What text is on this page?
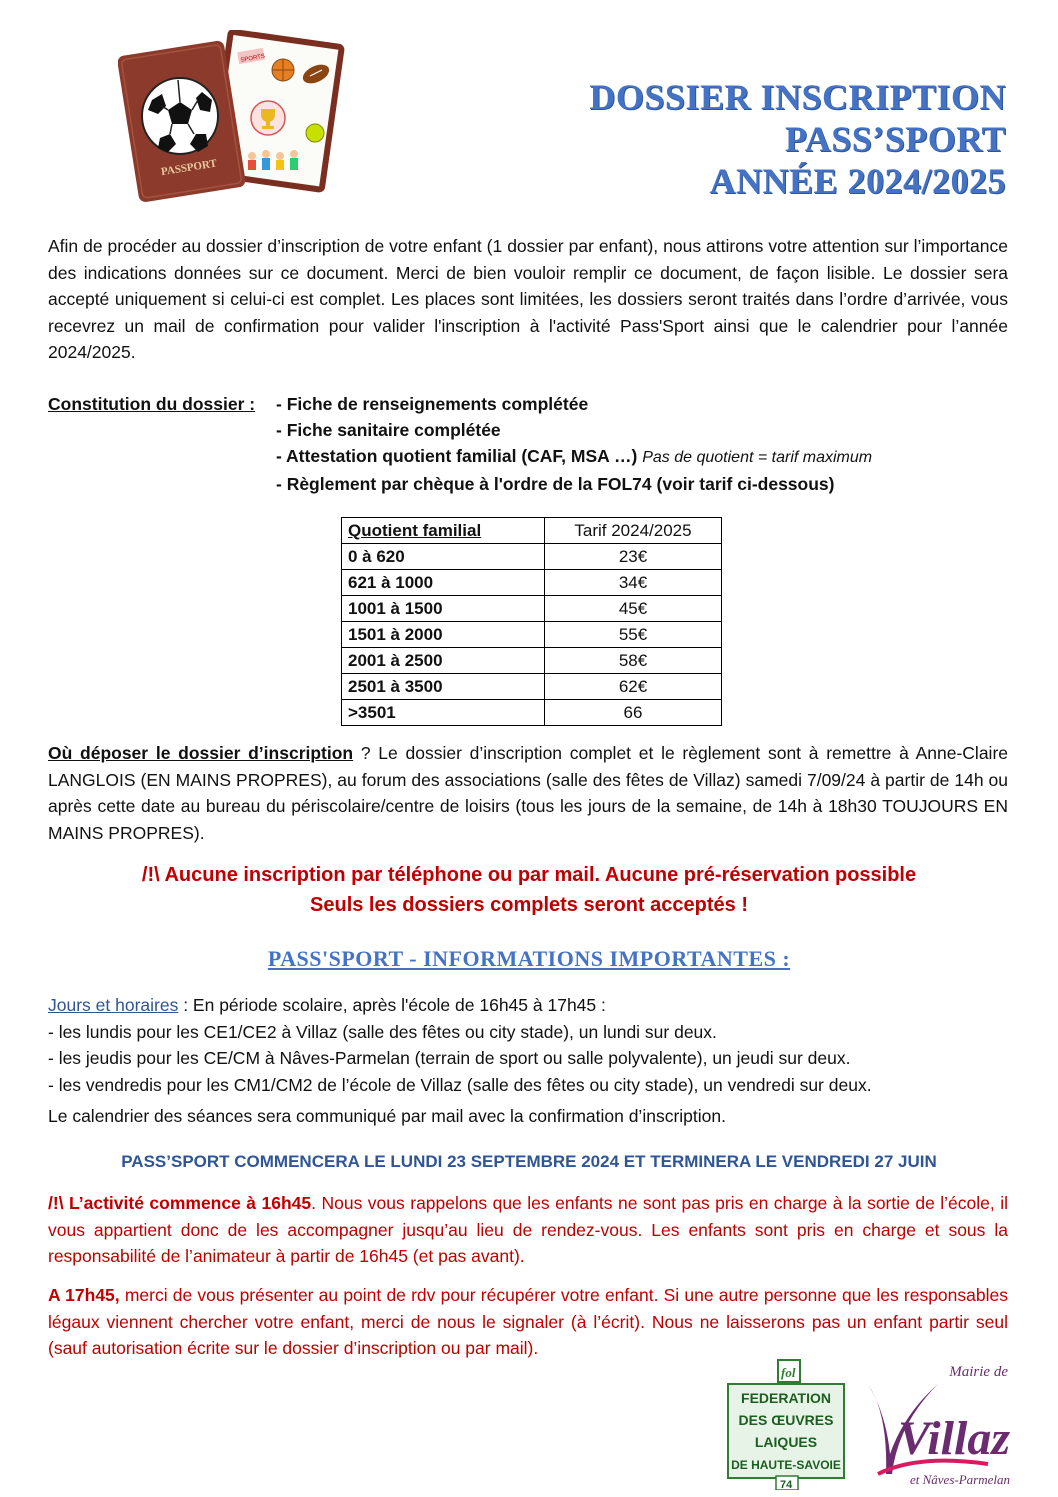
SPORTS
PASSPORT
DOSSIER INSCRIPTION
PASS’SPORT
ANNÉE 2024/2025
Afin de procéder au dossier d’inscription de votre enfant (1 dossier par enfant), nous attirons votre attention sur l’importance des indications données sur ce document. Merci de bien vouloir remplir ce document, de façon lisible. Le dossier sera accepté uniquement si celui-ci est complet. Les places sont limitées, les dossiers seront traités dans l’ordre d’arrivée, vous recevrez un mail de confirmation pour valider l'inscription à l'activité Pass'Sport ainsi que le calendrier pour l’année 2024/2025.
Constitution du dossier : - Fiche de renseignements complétée
- Fiche sanitaire complétée
- Attestation quotient familial (CAF, MSA …) Pas de quotient = tarif maximum
- Règlement par chèque à l'ordre de la FOL74 (voir tarif ci-dessous)
Quotient familial	Tarif 2024/2025
0 à 620	23€
621 à 1000	34€
1001 à 1500	45€
1501 à 2000	55€
2001 à 2500	58€
2501 à 3500	62€
>3501	66
Où déposer le dossier d’inscription ? Le dossier d’inscription complet et le règlement sont à remettre à Anne-Claire LANGLOIS (EN MAINS PROPRES), au forum des associations (salle des fêtes de Villaz) samedi 7/09/24 à partir de 14h ou après cette date au bureau du périscolaire/centre de loisirs (tous les jours de la semaine, de 14h à 18h30 TOUJOURS EN MAINS PROPRES).
/!\ Aucune inscription par téléphone ou par mail. Aucune pré-réservation possible
Seuls les dossiers complets seront acceptés !
PASS'SPORT - INFORMATIONS IMPORTANTES :
Jours et horaires : En période scolaire, après l'école de 16h45 à 17h45 :
- les lundis pour les CE1/CE2 à Villaz (salle des fêtes ou city stade), un lundi sur deux.
- les jeudis pour les CE/CM à Nâves-Parmelan (terrain de sport ou salle polyvalente), un jeudi sur deux.
- les vendredis pour les CM1/CM2 de l’école de Villaz (salle des fêtes ou city stade), un vendredi sur deux.
Le calendrier des séances sera communiqué par mail avec la confirmation d’inscription.
PASS’SPORT COMMENCERA LE LUNDI 23 SEPTEMBRE 2024 ET TERMINERA LE VENDREDI 27 JUIN
/!\ L’activité commence à 16h45. Nous vous rappelons que les enfants ne sont pas pris en charge à la sortie de l’école, il vous appartient donc de les accompagner jusqu’au lieu de rendez-vous. Les enfants sont pris en charge et sous la responsabilité de l’animateur à partir de 16h45 (et pas avant).
A 17h45, merci de vous présenter au point de rdv pour récupérer votre enfant. Si une autre personne que les responsables légaux viennent chercher votre enfant, merci de nous le signaler (à l’écrit). Nous ne laisserons pas un enfant partir seul (sauf autorisation écrite sur le dossier d’inscription ou par mail).
fol
FEDERATION
DES ŒUVRES
LAIQUES
DE HAUTE-SAVOIE
74
Mairie de
Villaz
et Nâves-Parmelan
